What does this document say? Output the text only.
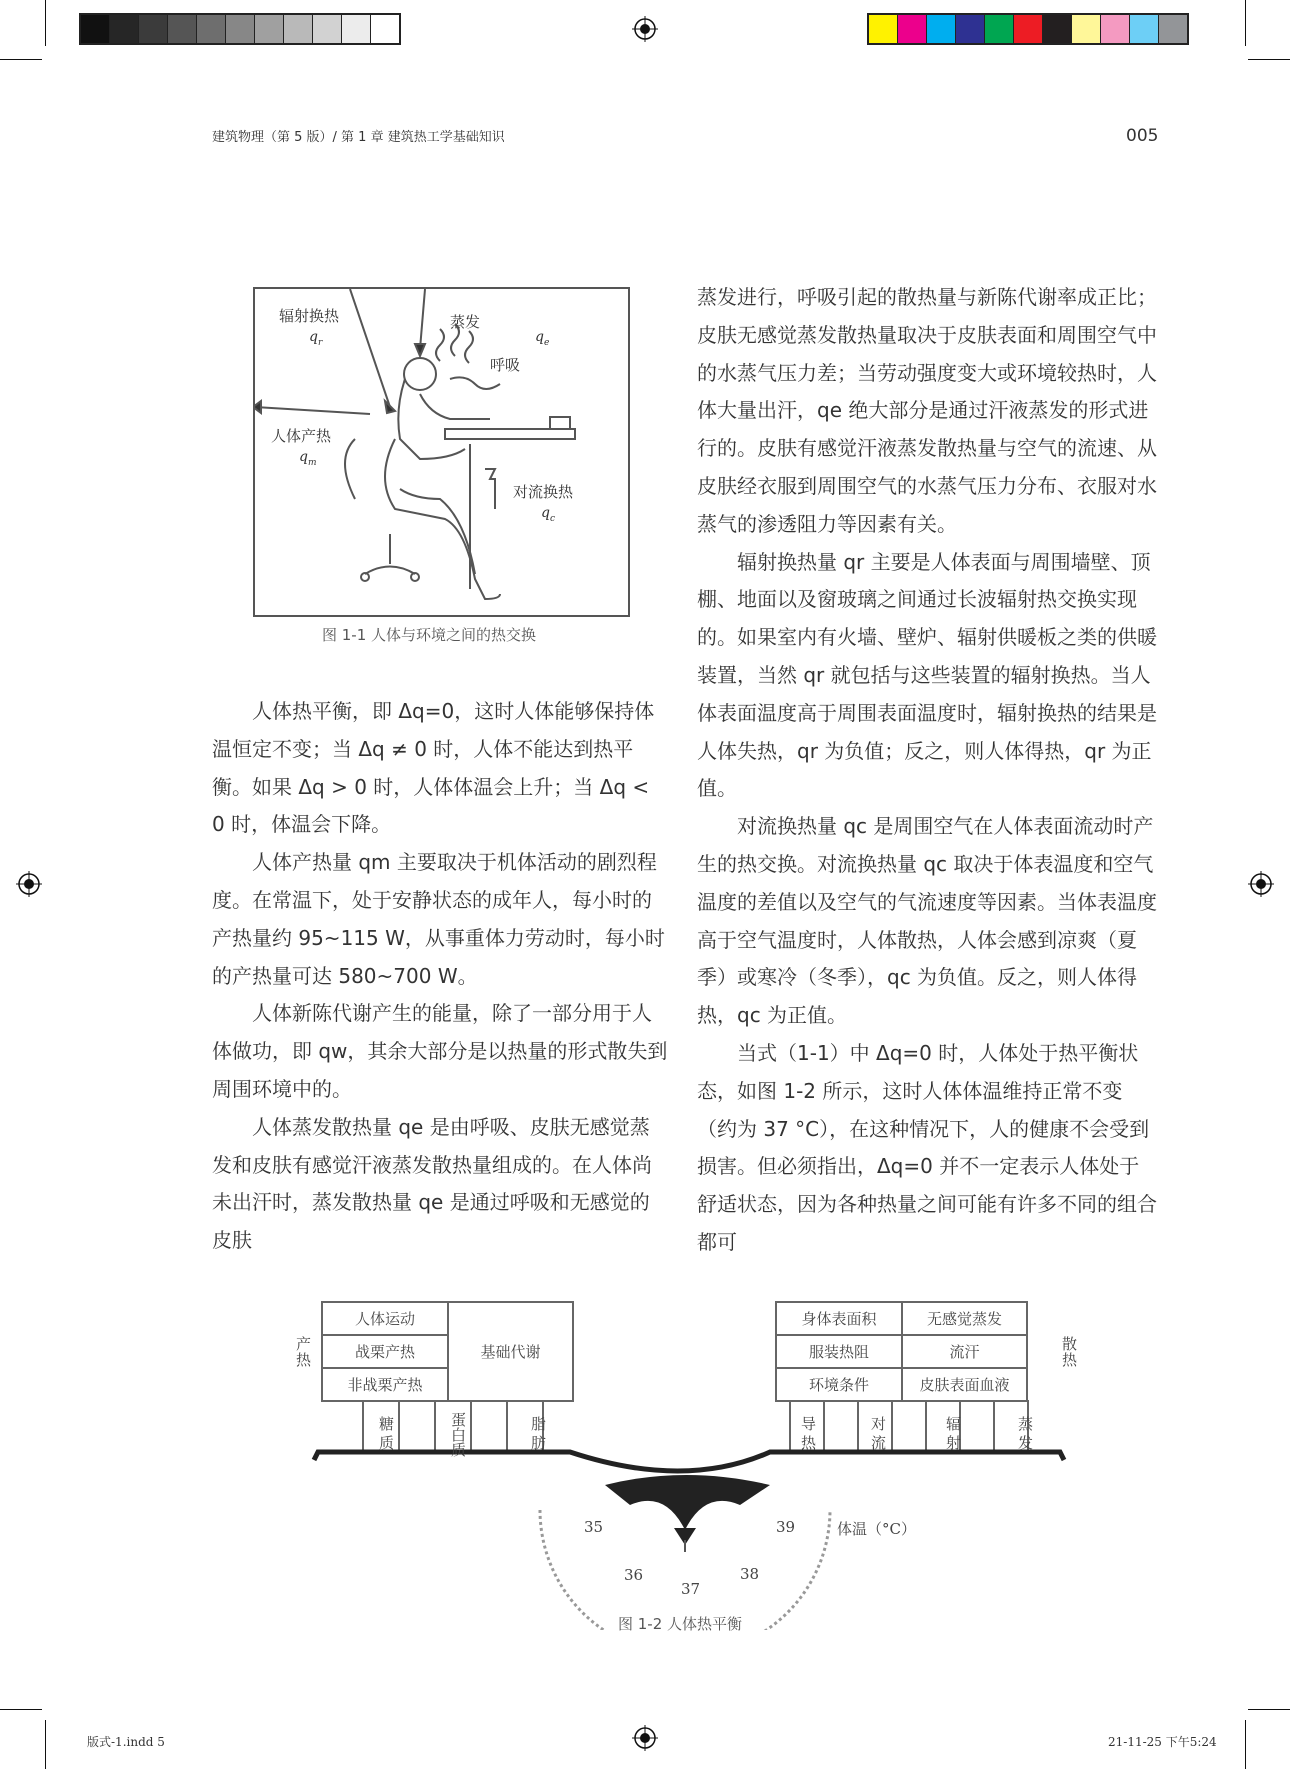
建筑物理（第 5 版）/ 第 1 章 建筑热工学基础知识	005
辐射换热
$q_r$
蒸发
$q_e$
呼吸
人体产热
$q_m$
对流换热
$q_c$
图 1-1 人体与环境之间的热交换

人体热平衡，即 Δq=0，这时人体能够保持体温恒定不变；当 Δq ≠ 0 时，人体不能达到热平衡。如果 Δq > 0 时，人体体温会上升；当 Δq < 0 时，体温会下降。

人体产热量 qm 主要取决于机体活动的剧烈程度。在常温下，处于安静状态的成年人，每小时的产热量约 95~115 W，从事重体力劳动时，每小时的产热量可达 580~700 W。

人体新陈代谢产生的能量，除了一部分用于人体做功，即 qw，其余大部分是以热量的形式散失到周围环境中的。

人体蒸发散热量 qe 是由呼吸、皮肤无感觉蒸发和皮肤有感觉汗液蒸发散热量组成的。在人体尚未出汗时，蒸发散热量 qe 是通过呼吸和无感觉的皮肤

蒸发进行，呼吸引起的散热量与新陈代谢率成正比；皮肤无感觉蒸发散热量取决于皮肤表面和周围空气中的水蒸气压力差；当劳动强度变大或环境较热时，人体大量出汗，qe 绝大部分是通过汗液蒸发的形式进行的。皮肤有感觉汗液蒸发散热量与空气的流速、从皮肤经衣服到周围空气的水蒸气压力分布、衣服对水蒸气的渗透阻力等因素有关。

辐射换热量 qr 主要是人体表面与周围墙壁、顶棚、地面以及窗玻璃之间通过长波辐射热交换实现的。如果室内有火墙、壁炉、辐射供暖板之类的供暖装置，当然 qr 就包括与这些装置的辐射换热。当人体表面温度高于周围表面温度时，辐射换热的结果是人体失热，qr 为负值；反之，则人体得热，qr 为正值。

对流换热量 qc 是周围空气在人体表面流动时产生的热交换。对流换热量 qc 取决于体表温度和空气温度的差值以及空气的气流速度等因素。当体表温度高于空气温度时，人体散热，人体会感到凉爽（夏季）或寒冷（冬季），qc 为负值。反之，则人体得热，qc 为正值。

当式（1-1）中 Δq=0 时，人体处于热平衡状态，如图 1-2 所示，这时人体体温维持正常不变（约为 37 °C），在这种情况下，人的健康不会受到损害。但必须指出，Δq=0 并不一定表示人体处于舒适状态，因为各种热量之间可能有许多不同的组合都可

产
热
散
热
人体运动
战栗产热
非战栗产热
基础代谢
糖
质
蛋
白
质
脂
肪
身体表面积	无感觉蒸发
服装热阻	流汗
环境条件	皮肤表面血液
导
热
对
流
辐
射
蒸
发
35
36
37
38
39	体温（°C）
图 1-2 人体热平衡
版式-1.indd 5	21-11-25 下午5:24
